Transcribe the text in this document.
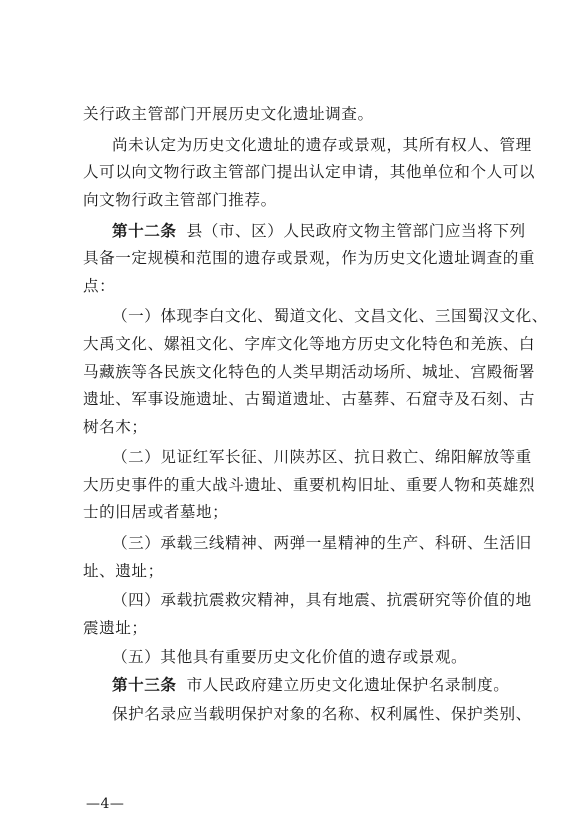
关行政主管部门开展历史文化遗址调查。
尚未认定为历史文化遗址的遗存或景观，其所有权人、管理
人可以向文物行政主管部门提出认定申请，其他单位和个人可以
向文物行政主管部门推荐。
第十二条 县（市、区）人民政府文物主管部门应当将下列
具备一定规模和范围的遗存或景观，作为历史文化遗址调查的重
点：
（一）体现李白文化、蜀道文化、文昌文化、三国蜀汉文化、
大禹文化、嫘祖文化、字库文化等地方历史文化特色和羌族、白
马藏族等各民族文化特色的人类早期活动场所、城址、宫殿衙署
遗址、军事设施遗址、古蜀道遗址、古墓葬、石窟寺及石刻、古
树名木；
（二）见证红军长征、川陕苏区、抗日救亡、绵阳解放等重
大历史事件的重大战斗遗址、重要机构旧址、重要人物和英雄烈
士的旧居或者墓地；
（三）承载三线精神、两弹一星精神的生产、科研、生活旧
址、遗址；
（四）承载抗震救灾精神，具有地震、抗震研究等价值的地
震遗址；
（五）其他具有重要历史文化价值的遗存或景观。
第十三条 市人民政府建立历史文化遗址保护名录制度。
保护名录应当载明保护对象的名称、权利属性、保护类别、
—4—
